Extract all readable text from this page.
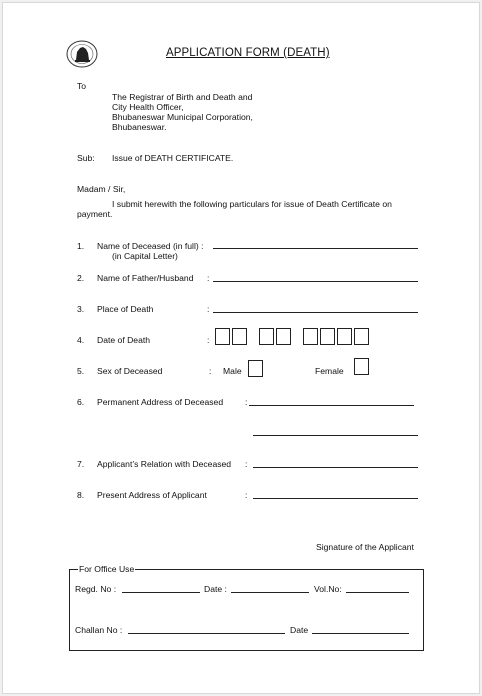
APPLICATION FORM (DEATH)
To
The Registrar of Birth and Death and
City Health Officer,
Bhubaneswar Municipal Corporation,
Bhubaneswar.
Sub: Issue of DEATH CERTIFICATE.
Madam / Sir,
I submit herewith the following particulars for issue of Death Certificate on
payment.
1. Name of Deceased (in full) :
(in Capital Letter)
2. Name of Father/Husband :
3. Place of Death	:
4. Date of Death	:
5. Sex of Deceased	: Male	Female
6. Permanent Address of Deceased	:
7. Applicant’s Relation with Deceased :
8. Present Address of Applicant	:
Signature of the Applicant
For Office Use
Regd. No :	Date :	Vol.No:
Challan No :	Date
